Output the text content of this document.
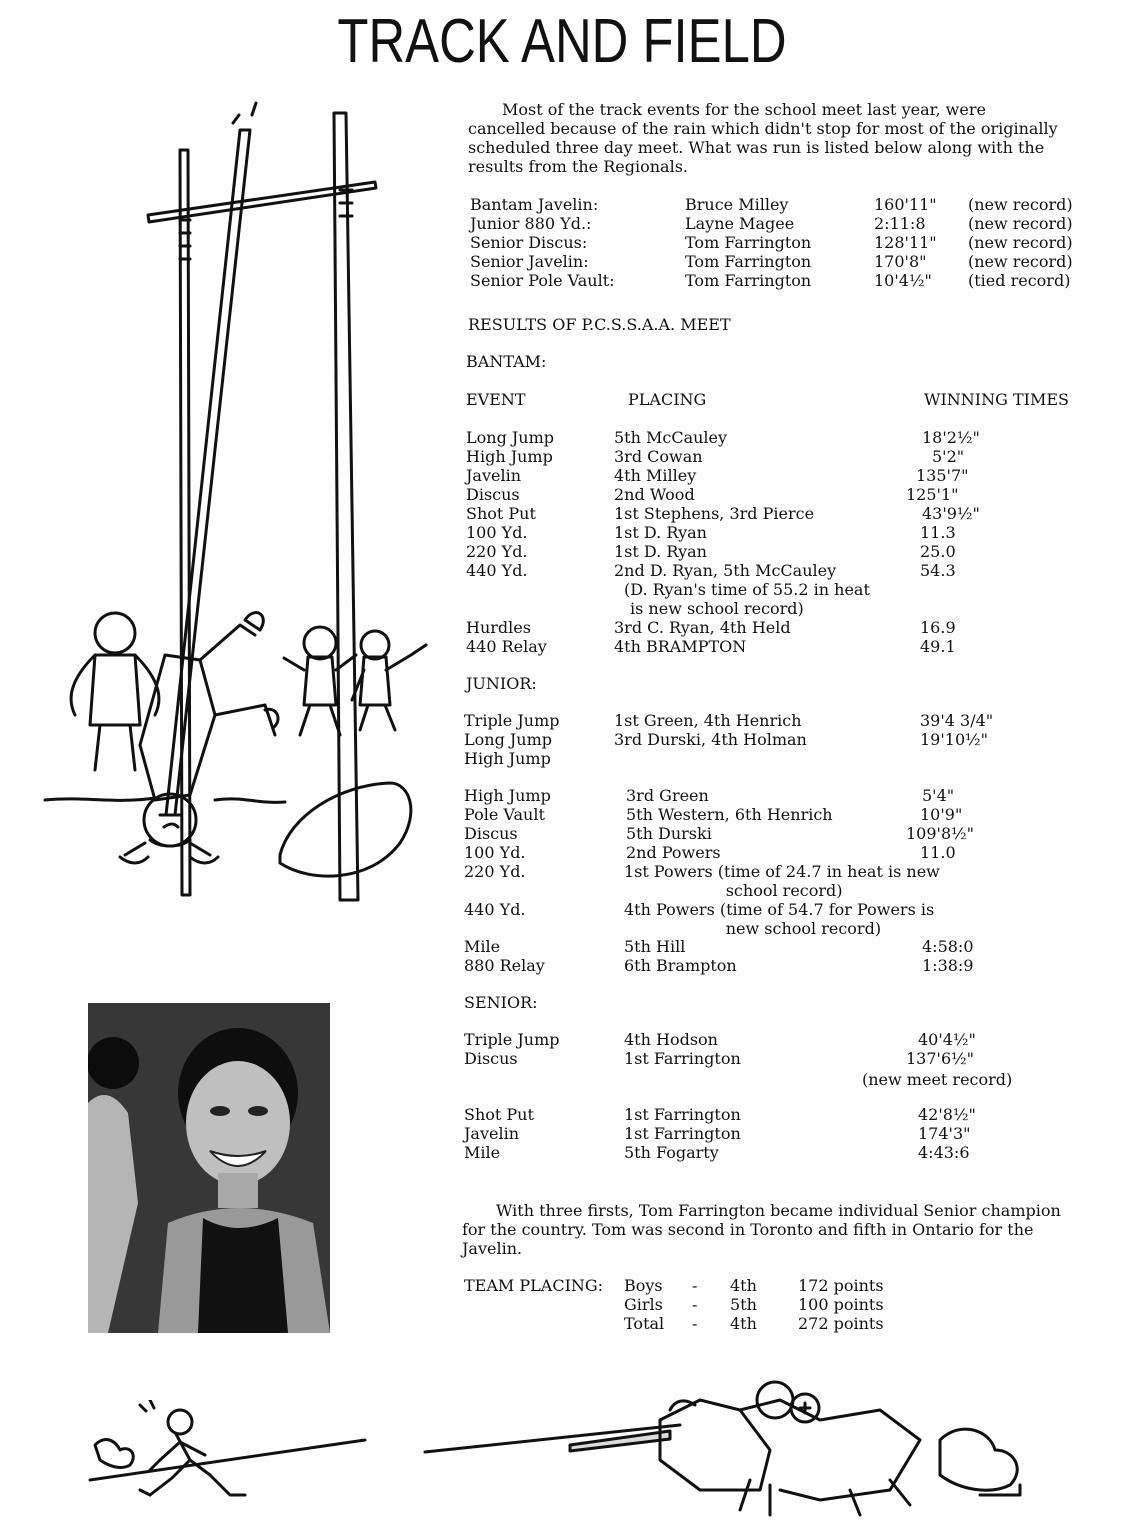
TRACK AND FIELD
Most of the track events for the school meet last year, were cancelled because of the rain which didn't stop for most of the originally scheduled three day meet. What was run is listed below along with the results from the Regionals.
Bantam Javelin:	Bruce Milley	160'11" (new record)
Junior 880 Yd.:	Layne Magee	2:11:8	(new record)
Senior Discus:	Tom Farrington	128'11" (new record)
Senior Javelin:	Tom Farrington	170'8"	(new record)
Senior Pole Vault:	Tom Farrington	10'4½" (tied record)
RESULTS OF P.C.S.S.A.A. MEET
BANTAM:
EVENT	PLACING	WINNING TIMES
Long Jump	5th McCauley	18'2½"
High Jump	3rd Cowan	5'2"
Javelin	4th Milley	135'7"
Discus	2nd Wood	125'1"
Shot Put	1st Stephens, 3rd Pierce	43'9½"
100 Yd.	1st D. Ryan	11.3
220 Yd.	1st D. Ryan	25.0
440 Yd.	2nd D. Ryan, 5th McCauley	54.3
(D. Ryan's time of 55.2 in heat
is new school record)
Hurdles	3rd C. Ryan, 4th Held	16.9
440 Relay	4th BRAMPTON	49.1
JUNIOR:
Triple Jump	1st Green, 4th Henrich	39'4 3/4"
Long Jump	3rd Durski, 4th Holman	19'10½"
High Jump
High Jump	3rd Green	5'4"
Pole Vault	5th Western, 6th Henrich	10'9"
Discus	5th Durski	109'8½"
100 Yd.	2nd Powers	11.0
220 Yd.	1st Powers (time of 24.7 in heat is new
school record)
440 Yd.	4th Powers (time of 54.7 for Powers is
new school record)
Mile	5th Hill	4:58:0
880 Relay	6th Brampton	1:38:9
SENIOR:
Triple Jump	4th Hodson	40'4½"
Discus	1st Farrington	137'6½"
(new meet record)
Shot Put	1st Farrington	42'8½"
Javelin	1st Farrington	174'3"
Mile	5th Fogarty	4:43:6
With three firsts, Tom Farrington became individual Senior champion for the country. Tom was second in Toronto and fifth in Ontario for the Javelin.
TEAM PLACING: Boys - 4th	172 points
Girls - 5th	100 points
Total - 4th	272 points
